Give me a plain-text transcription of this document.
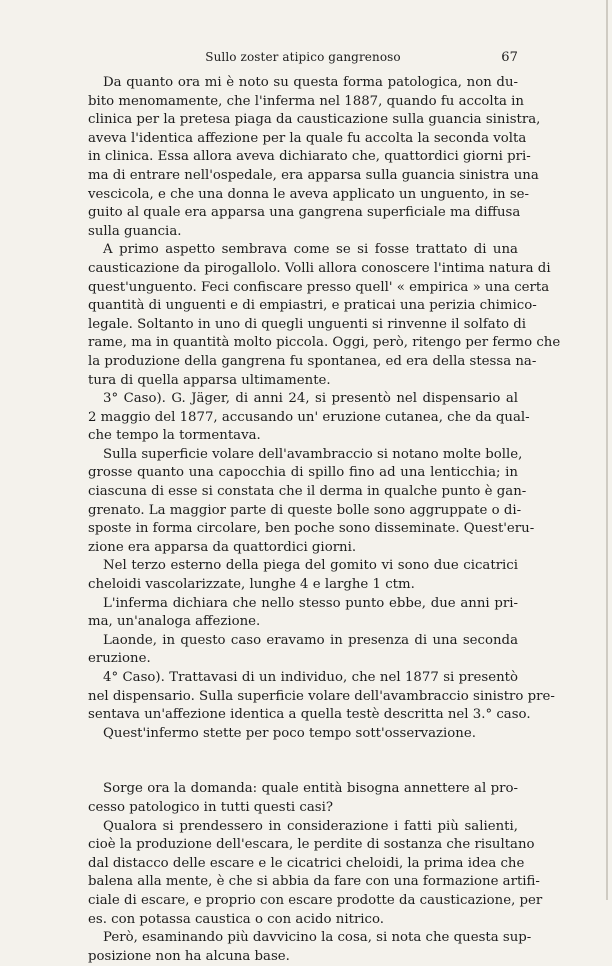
Sullo zoster atipico gangrenoso	67
Da quanto ora mi è noto su questa forma patologica, non du-
bito menomamente, che l'inferma nel 1887, quando fu accolta in
clinica per la pretesa piaga da causticazione sulla guancia sinistra,
aveva l'identica affezione per la quale fu accolta la seconda volta
in clinica. Essa allora aveva dichiarato che, quattordici giorni pri-
ma di entrare nell'ospedale, era apparsa sulla guancia sinistra una
vescicola, e che una donna le aveva applicato un unguento, in se-
guito al quale era apparsa una gangrena superficiale ma diffusa
sulla guancia.
A primo aspetto sembrava come se si fosse trattato di una
causticazione da pirogallolo. Volli allora conoscere l'intima natura di
quest'unguento. Feci confiscare presso quell' « empirica » una certa
quantità di unguenti e di empiastri, e praticai una perizia chimico-
legale. Soltanto in uno di quegli unguenti si rinvenne il solfato di
rame, ma in quantità molto piccola. Oggi, però, ritengo per fermo che
la produzione della gangrena fu spontanea, ed era della stessa na-
tura di quella apparsa ultimamente.
3° Caso). G. Jäger, di anni 24, si presentò nel dispensario al
2 maggio del 1877, accusando un' eruzione cutanea, che da qual-
che tempo la tormentava.
Sulla superficie volare dell'avambraccio si notano molte bolle,
grosse quanto una capocchia di spillo fino ad una lenticchia; in
ciascuna di esse si constata che il derma in qualche punto è gan-
grenato. La maggior parte di queste bolle sono aggruppate o di-
sposte in forma circolare, ben poche sono disseminate. Quest'eru-
zione era apparsa da quattordici giorni.
Nel terzo esterno della piega del gomito vi sono due cicatrici
cheloidi vascolarizzate, lunghe 4 e larghe 1 ctm.
L'inferma dichiara che nello stesso punto ebbe, due anni pri-
ma, un'analoga affezione.
Laonde, in questo caso eravamo in presenza di una seconda
eruzione.
4° Caso). Trattavasi di un individuo, che nel 1877 si presentò
nel dispensario. Sulla superficie volare dell'avambraccio sinistro pre-
sentava un'affezione identica a quella testè descritta nel 3.° caso.
Quest'infermo stette per poco tempo sott'osservazione.
Sorge ora la domanda: quale entità bisogna annettere al pro-
cesso patologico in tutti questi casi?
Qualora si prendessero in considerazione i fatti più salienti,
cioè la produzione dell'escara, le perdite di sostanza che risultano
dal distacco delle escare e le cicatrici cheloidi, la prima idea che
balena alla mente, è che si abbia da fare con una formazione artifi-
ciale di escare, e proprio con escare prodotte da causticazione, per
es. con potassa caustica o con acido nitrico.
Però, esaminando più davvicino la cosa, si nota che questa sup-
posizione non ha alcuna base.
